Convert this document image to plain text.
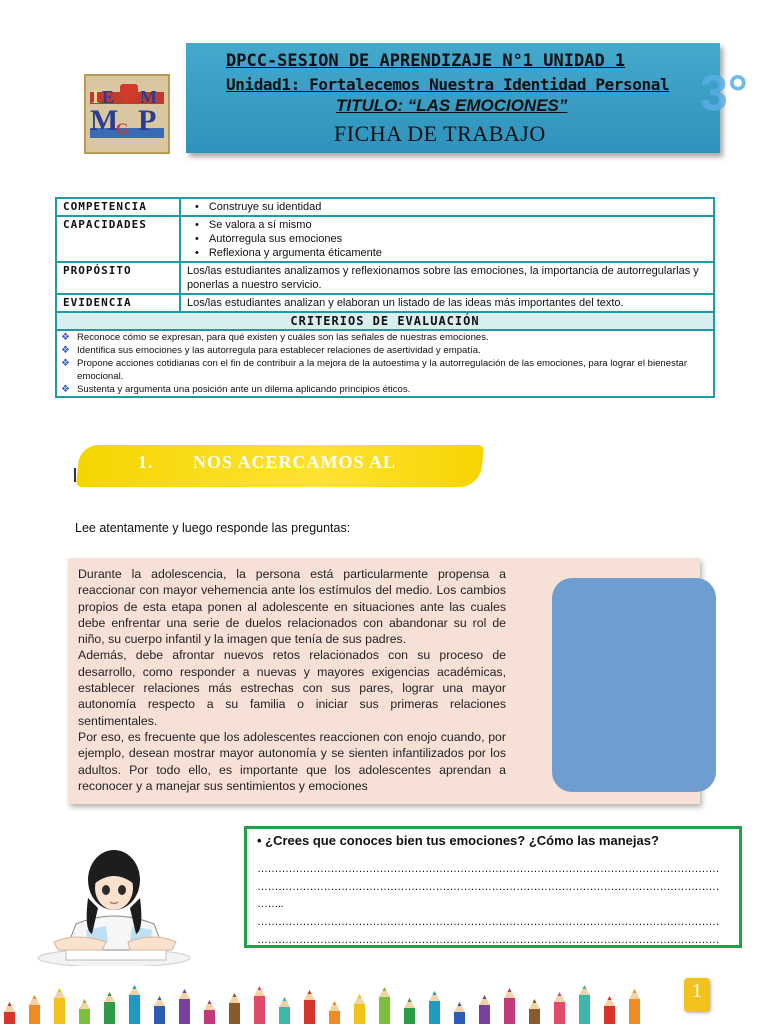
I E M
M
G P
DPCC-SESION DE APRENDIZAJE N°1 UNIDAD 1
Unidad1: Fortalecemos Nuestra Identidad Personal
TITULO: “LAS EMOCIONES”
FICHA DE TRABAJO
3°
COMPETENCIA	• Construye su identidad
CAPACIDADES	• Se valora a sí mismo
• Autorregula sus emociones
• Reflexiona y argumenta éticamente
PROPÓSITO	Los/las estudiantes analizamos y reflexionamos sobre las emociones, la importancia de autorregularlas y ponerlas a nuestro servicio.
EVIDENCIA	Los/las estudiantes analizan y elaboran un listado de las ideas más importantes del texto.
CRITERIOS DE EVALUACIÓN
❖ Reconoce cómo se expresan, para qué existen y cuáles son las señales de nuestras emociones.
❖ Identifica sus emociones y las autorregula para establecer relaciones de asertividad y empatía.
❖ Propone acciones cotidianas con el fin de contribuir a la mejora de la autoestima y la autorregulación de las emociones, para lograr el bienestar emocional.
❖ Sustenta y argumenta una posición ante un dilema aplicando principios éticos.
1. NOS ACERCAMOS AL
Lee atentamente y luego responde las preguntas:

Durante la adolescencia, la persona está particularmente propensa a reaccionar con mayor vehemencia ante los estímulos del medio. Los cambios propios de esta etapa ponen al adolescente en situaciones ante las cuales debe enfrentar una serie de duelos relacionados con abandonar su rol de niño, su cuerpo infantil y la imagen que tenía de sus padres.

Además, debe afrontar nuevos retos relacionados con su proceso de desarrollo, como responder a nuevas y mayores exigencias académicas, establecer relaciones más estrechas con sus pares, lograr una mayor autonomía respecto a su familia o iniciar sus primeras relaciones sentimentales.

Por eso, es frecuente que los adolescentes reaccionen con enojo cuando, por ejemplo, desean mostrar mayor autonomía y se sienten infantilizados por los adultos. Por todo ello, es importante que los adolescentes aprendan a reconocer y a manejar sus sentimientos y emociones

• ¿Crees que conoces bien tus emociones? ¿Cómo las manejas?
……………………………………………………………………………………………………………………
……………………………………………………………………………………………………………………
……..
……………………………………………………………………………………………………………………
……………………………………………………………………………………………………………………
1
